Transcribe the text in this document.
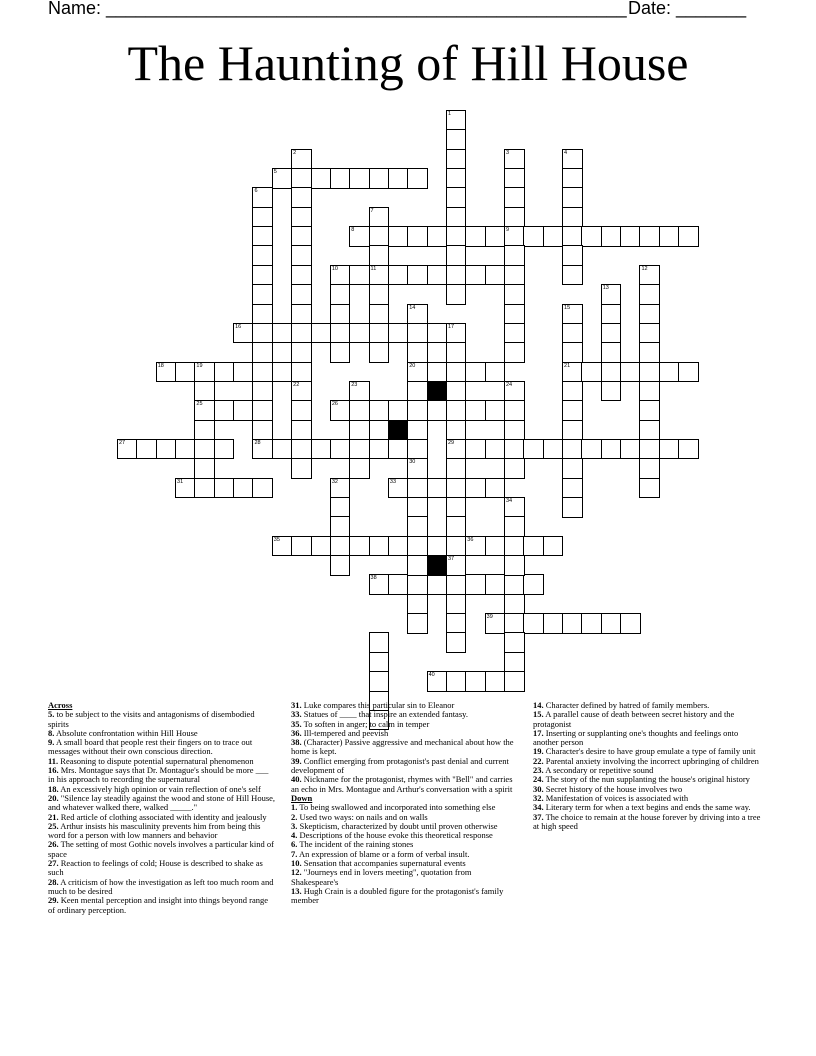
Name: ____________________________________________________ Date: _______
The Haunting of Hill House
5
8	9
10	11
16	17
18	19	20	21
25	26
27	28	29
31	33
35	36
38
39
40
1
2
22
3	4
6
7
12
13
14
30
15
37
23	24
32
34
Across
5. to be subject to the visits and antagonisms of disembodied spirits
8. Absolute confrontation within Hill House
9. A small board that people rest their fingers on to trace out messages without their own conscious direction.
11. Reasoning to dispute potential supernatural phenomenon
16. Mrs. Montague says that Dr. Montague's should be more ___ in his approach to recording the supernatural
18. An excessively high opinion or vain reflection of one's self
20. "Silence lay steadily against the wood and stone of Hill House, and whatever walked there, walked _____."
21. Red article of clothing associated with identity and jealously
25. Arthur insists his masculinity prevents him from being this word for a person with low manners and behavior
26. The setting of most Gothic novels involves a particular kind of space
27. Reaction to feelings of cold; House is described to shake as such
28. A criticism of how the investigation as left too much room and much to be desired
29. Keen mental perception and insight into things beyond range of ordinary perception.
31. Luke compares this particular sin to Eleanor
33. Statues of ____ that inspire an extended fantasy.
35. To soften in anger; to calm in temper
36. Ill-tempered and peevish
38. (Character) Passive aggressive and mechanical about how the home is kept.
39. Conflict emerging from protagonist's past denial and current development of
40. Nickname for the protagonist, rhymes with "Bell" and carries an echo in Mrs. Montague and Arthur's conversation with a spirit
Down
1. To being swallowed and incorporated into something else
2. Used two ways: on nails and on walls
3. Skepticism, characterized by doubt until proven otherwise
4. Descriptions of the house evoke this theoretical response
6. The incident of the raining stones
7. An expression of blame or a form of verbal insult.
10. Sensation that accompanies supernatural events
12. "Journeys end in lovers meeting", quotation from Shakespeare's
13. Hugh Crain is a doubled figure for the protagonist's family member
14. Character defined by hatred of family members.
15. A parallel cause of death between secret history and the protagonist
17. Inserting or supplanting one's thoughts and feelings onto another person
19. Character's desire to have group emulate a type of family unit
22. Parental anxiety involving the incorrect upbringing of children
23. A secondary or repetitive sound
24. The story of the nun supplanting the house's original history
30. Secret history of the house involves two
32. Manifestation of voices is associated with
34. Literary term for when a text begins and ends the same way.
37. The choice to remain at the house forever by driving into a tree at high speed
